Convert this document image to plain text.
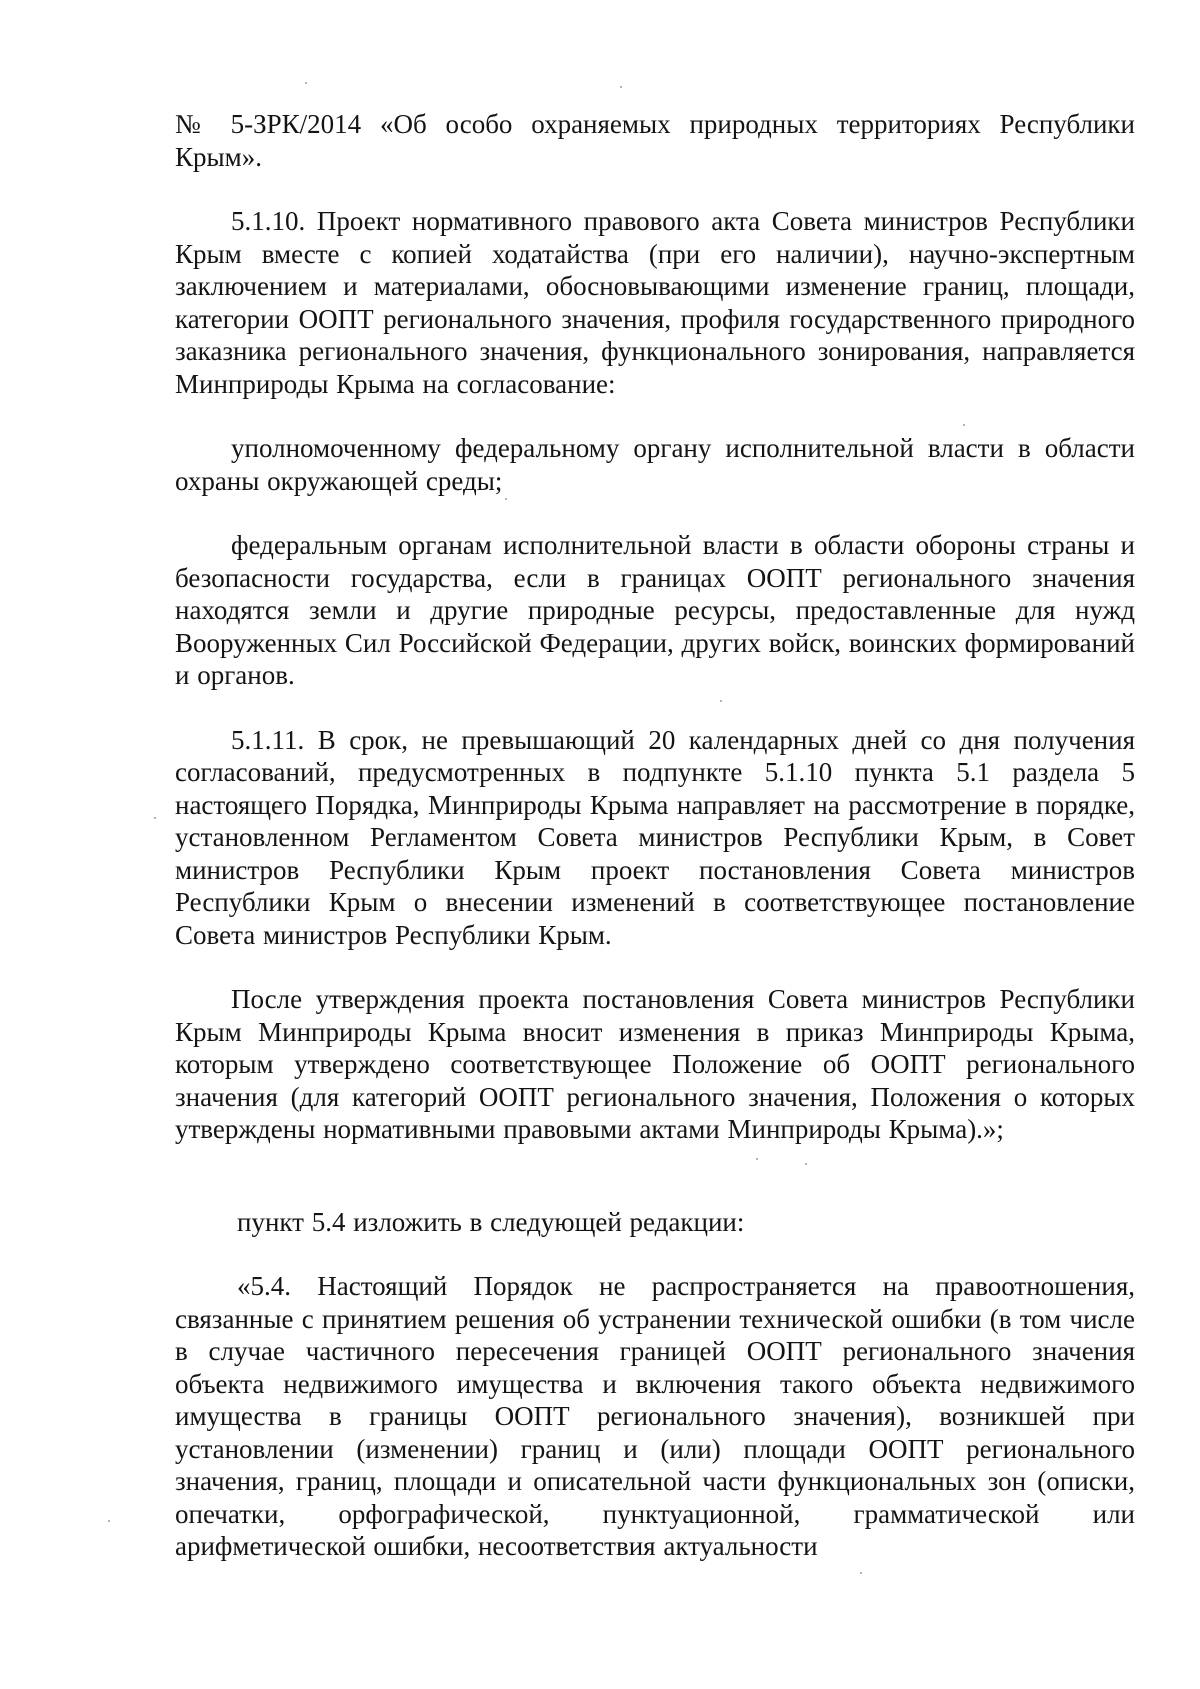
№ 5-ЗРК/2014 «Об особо охраняемых природных территориях Республики Крым».

5.1.10. Проект нормативного правового акта Совета министров Республики Крым вместе с копией ходатайства (при его наличии), научно-экспертным заключением и материалами, обосновывающими изменение границ, площади, категории ООПТ регионального значения, профиля государственного природного заказника регионального значения, функционального зонирования, направляется Минприроды Крыма на согласование:

уполномоченному федеральному органу исполнительной власти в области охраны окружающей среды;

федеральным органам исполнительной власти в области обороны страны и безопасности государства, если в границах ООПТ регионального значения находятся земли и другие природные ресурсы, предоставленные для нужд Вооруженных Сил Российской Федерации, других войск, воинских формирований и органов.

5.1.11. В срок, не превышающий 20 календарных дней со дня получения согласований, предусмотренных в подпункте 5.1.10 пункта 5.1 раздела 5 настоящего Порядка, Минприроды Крыма направляет на рассмотрение в порядке, установленном Регламентом Совета министров Республики Крым, в Совет министров Республики Крым проект постановления Совета министров Республики Крым о внесении изменений в соответствующее постановление Совета министров Республики Крым.

После утверждения проекта постановления Совета министров Республики Крым Минприроды Крыма вносит изменения в приказ Минприроды Крыма, которым утверждено соответствующее Положение об ООПТ регионального значения (для категорий ООПТ регионального значения, Положения о которых утверждены нормативными правовыми актами Минприроды Крыма).»;

пункт 5.4 изложить в следующей редакции:

«5.4. Настоящий Порядок не распространяется на правоотношения, связанные с принятием решения об устранении технической ошибки (в том числе в случае частичного пересечения границей ООПТ регионального значения объекта недвижимого имущества и включения такого объекта недвижимого имущества в границы ООПТ регионального значения), возникшей при установлении (изменении) границ и (или) площади ООПТ регионального значения, границ, площади и описательной части функциональных зон (описки, опечатки, орфографической, пунктуационной, грамматической или арифметической ошибки, несоответствия актуальности
